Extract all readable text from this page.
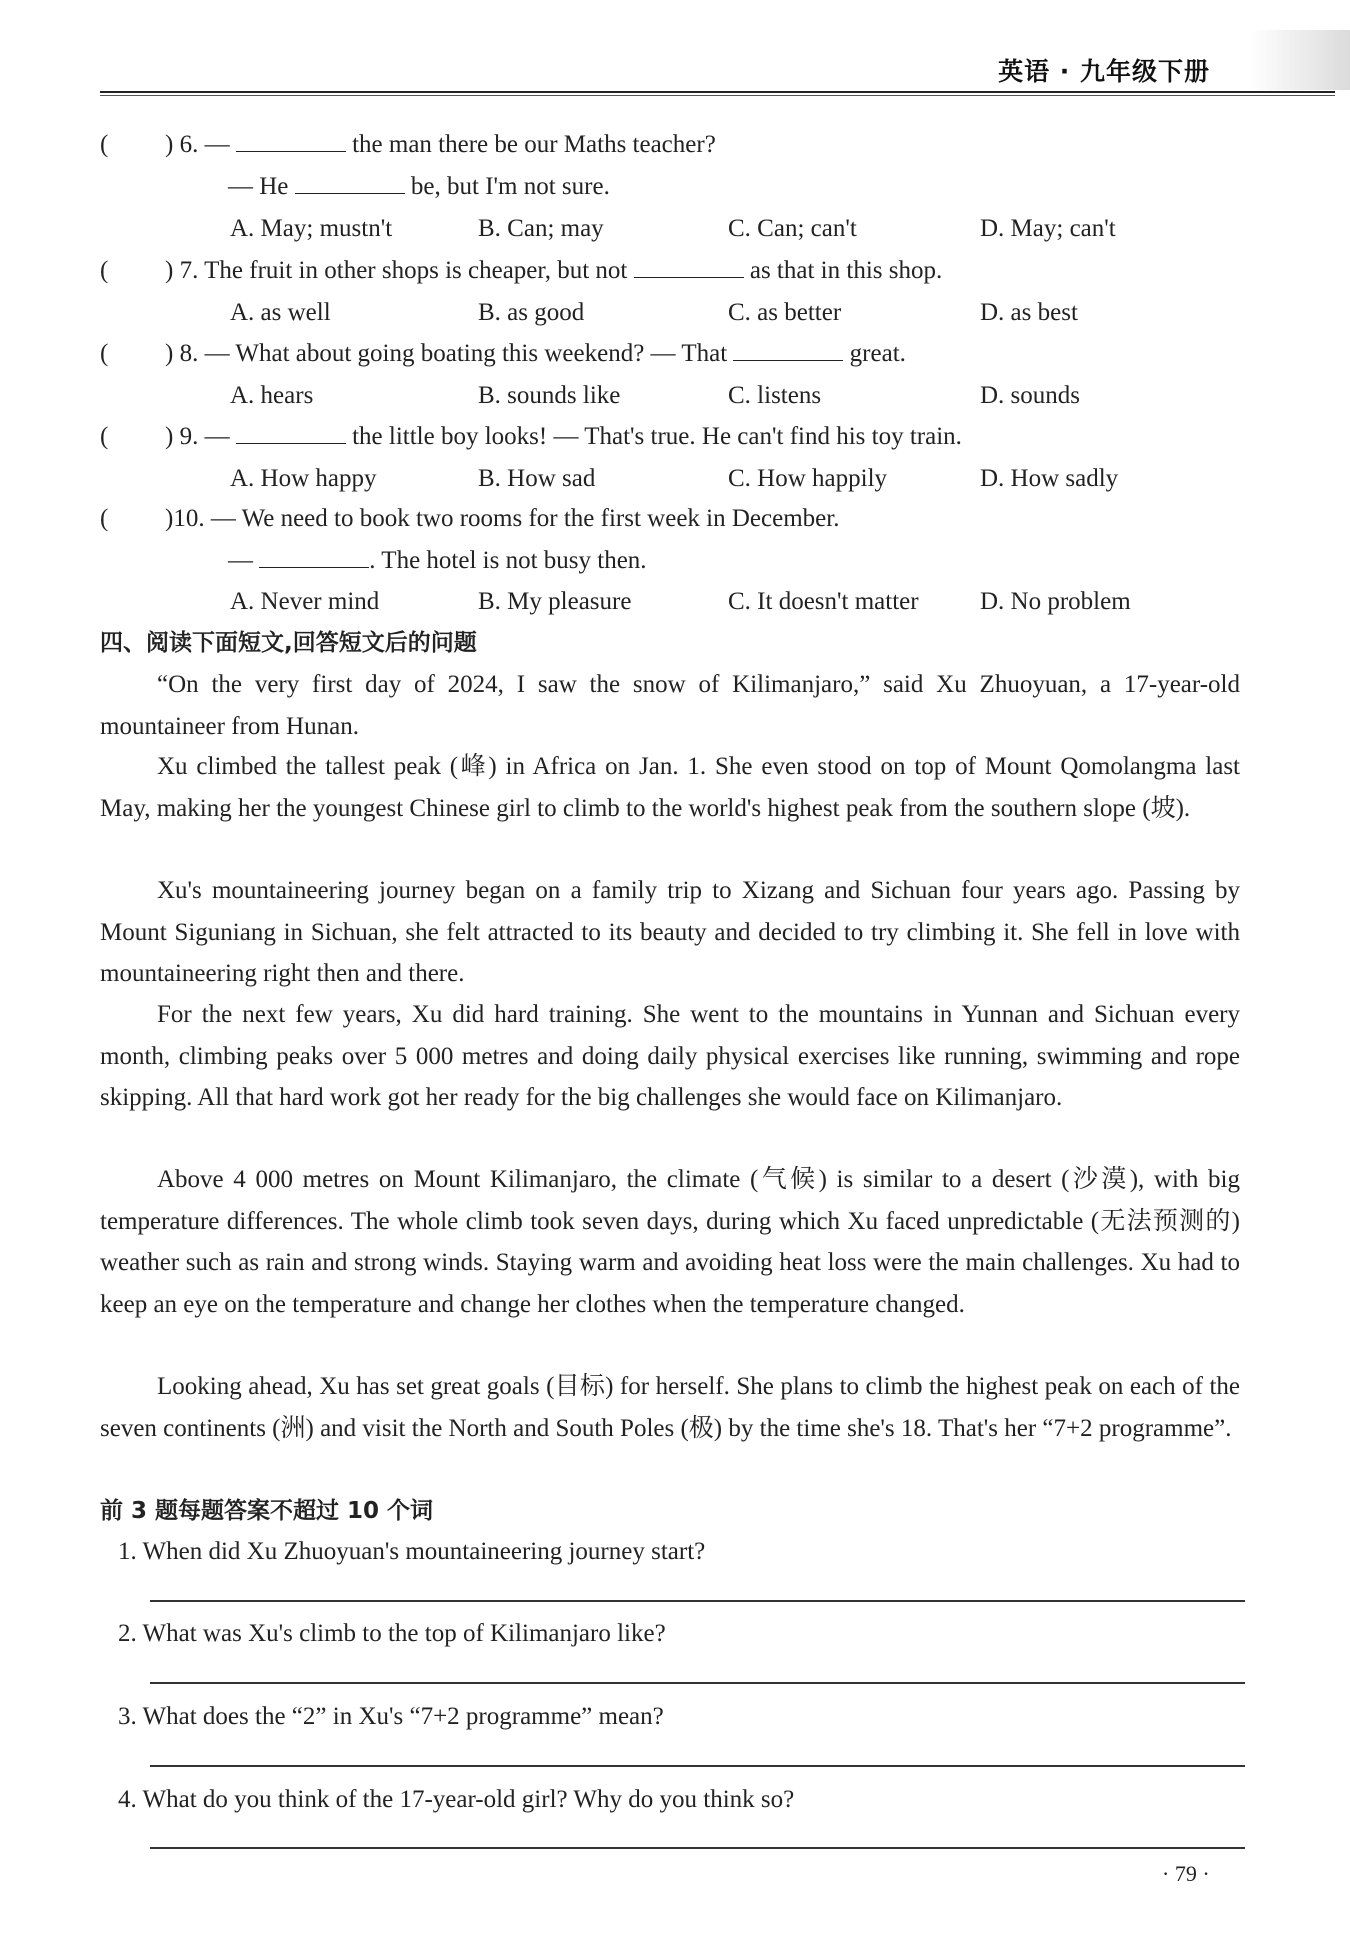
英语 · 九年级下册
( ) 6. —	the man there be our Maths teacher?
— He	be, but I'm not sure.
A. May; mustn't	B. Can; may	C. Can; can't	D. May; can't
( ) 7. The fruit in other shops is cheaper, but not	as that in this shop.
A. as well	B. as good	C. as better	D. as best
( ) 8. — What about going boating this weekend? — That	great.
A. hears	B. sounds like	C. listens	D. sounds
( ) 9. —	the little boy looks! — That's true. He can't find his toy train.
A. How happy	B. How sad	C. How happily	D. How sadly
( )10. — We need to book two rooms for the first week in December.
—	. The hotel is not busy then.
A. Never mind	B. My pleasure	C. It doesn't matter D. No problem
四、阅读下面短文,回答短文后的问题
“On the very first day of 2024, I saw the snow of Kilimanjaro,” said Xu Zhuoyuan, a 17-year-old mountaineer from Hunan.
Xu climbed the tallest peak (峰) in Africa on Jan. 1. She even stood on top of Mount Qomolangma last May, making her the youngest Chinese girl to climb to the world's highest peak from the southern slope (坡).
Xu's mountaineering journey began on a family trip to Xizang and Sichuan four years ago. Passing by Mount Siguniang in Sichuan, she felt attracted to its beauty and decided to try climbing it. She fell in love with mountaineering right then and there.
For the next few years, Xu did hard training. She went to the mountains in Yunnan and Sichuan every month, climbing peaks over 5 000 metres and doing daily physical exercises like running, swimming and rope skipping. All that hard work got her ready for the big challenges she would face on Kilimanjaro.
Above 4 000 metres on Mount Kilimanjaro, the climate (气候) is similar to a desert (沙漠), with big temperature differences. The whole climb took seven days, during which Xu faced unpredictable (无法预测的) weather such as rain and strong winds. Staying warm and avoiding heat loss were the main challenges. Xu had to keep an eye on the temperature and change her clothes when the temperature changed.
Looking ahead, Xu has set great goals (目标) for herself. She plans to climb the highest peak on each of the seven continents (洲) and visit the North and South Poles (极) by the time she's 18. That's her “7+2 programme”.
前 3 题每题答案不超过 10 个词
1. When did Xu Zhuoyuan's mountaineering journey start?
2. What was Xu's climb to the top of Kilimanjaro like?
3. What does the “2” in Xu's “7+2 programme” mean?
4. What do you think of the 17-year-old girl? Why do you think so?
· 79 ·
